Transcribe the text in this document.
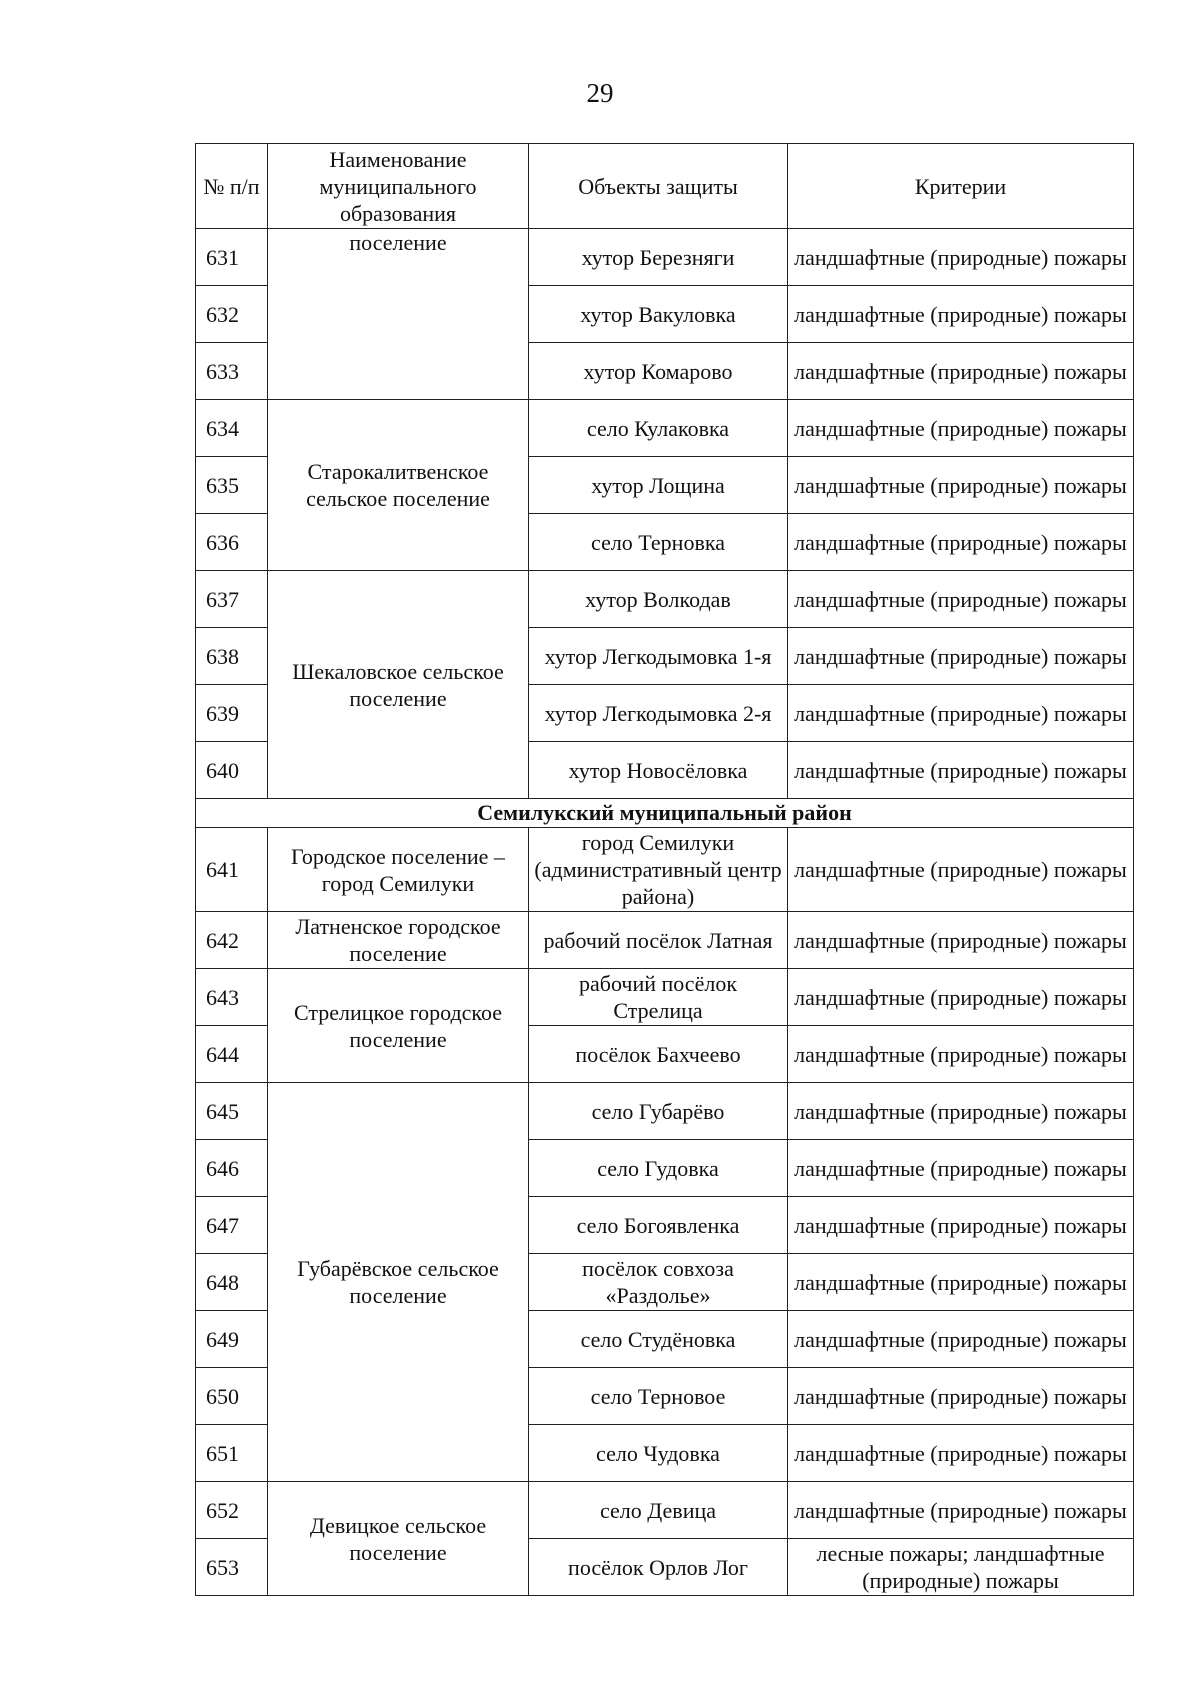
29
№ п/п	Наименование муниципального образования	Объекты защиты	Критерии
631	поселение	хутор Березняги	ландшафтные (природные) пожары
632		хутор Вакуловка	ландшафтные (природные) пожары
633		хутор Комарово	ландшафтные (природные) пожары
634	Старокалитвенское сельское поселение	село Кулаковка	ландшафтные (природные) пожары
635		хутор Лощина	ландшафтные (природные) пожары
636		село Терновка	ландшафтные (природные) пожары
637	Шекаловское сельское поселение	хутор Волкодав	ландшафтные (природные) пожары
638		хутор Легкодымовка 1-я	ландшафтные (природные) пожары
639		хутор Легкодымовка 2-я	ландшафтные (природные) пожары
640		хутор Новосёловка	ландшафтные (природные) пожары
Семилукский муниципальный район			
641	Городское поселение – город Семилуки	город Семилуки (административный центр района)	ландшафтные (природные) пожары
642	Латненское городское поселение	рабочий посёлок Латная	ландшафтные (природные) пожары
643	Стрелицкое городское поселение	рабочий посёлок Стрелица	ландшафтные (природные) пожары
644		посёлок Бахчеево	ландшафтные (природные) пожары
645	Губарёвское сельское поселение	село Губарёво	ландшафтные (природные) пожары
646		село Гудовка	ландшафтные (природные) пожары
647		село Богоявленка	ландшафтные (природные) пожары
648		посёлок совхоза «Раздолье»	ландшафтные (природные) пожары
649		село Студёновка	ландшафтные (природные) пожары
650		село Терновое	ландшафтные (природные) пожары
651		село Чудовка	ландшафтные (природные) пожары
652	Девицкое сельское поселение	село Девица	ландшафтные (природные) пожары
653		посёлок Орлов Лог	лесные пожары; ландшафтные (природные) пожары
